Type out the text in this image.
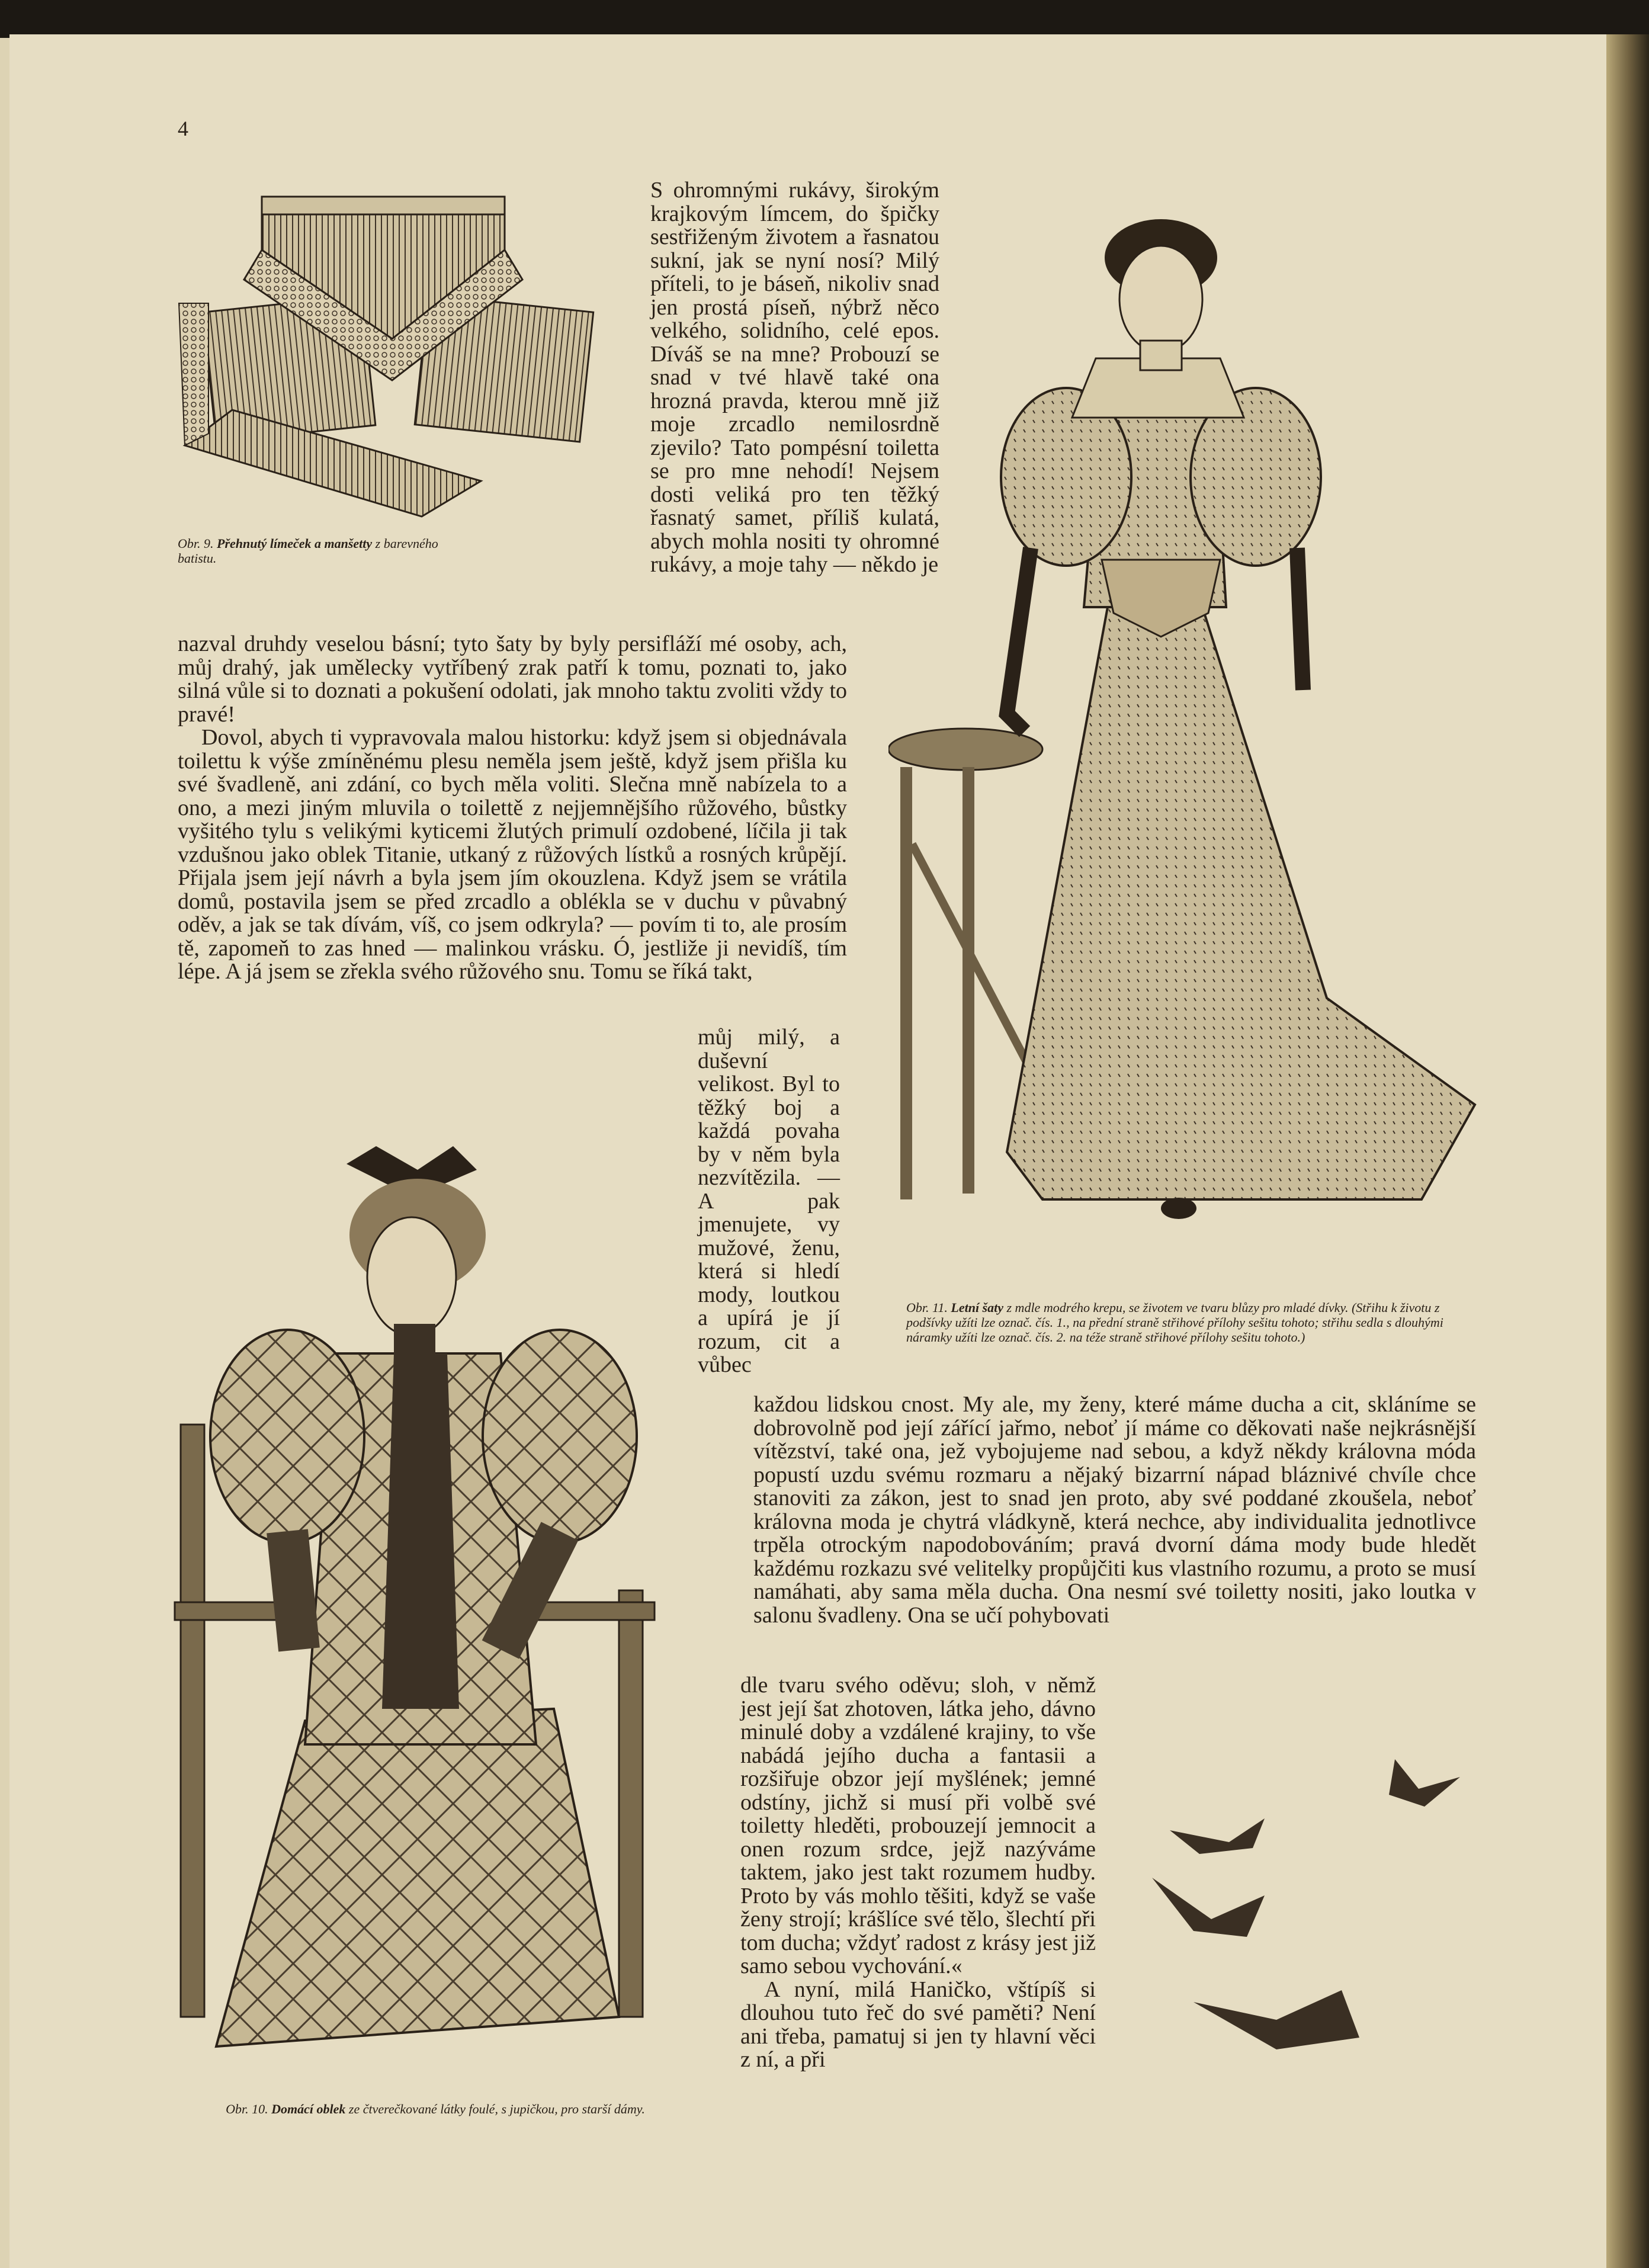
4
Obr. 9. Přehnutý límeček a manšetty z barevného batistu.
Obr. 11. Letní šaty z mdle modrého krepu, se životem ve tvaru blůzy pro mladé dívky. (Střihu k životu z podšívky užíti lze označ. čís. 1., na přední straně střihové přílohy sešitu tohoto; střihu sedla s dlouhými náramky užíti lze označ. čís. 2. na téže straně střihové přílohy sešitu tohoto.)
Obr. 10. Domácí oblek ze čtverečkované látky foulé, s jupičkou, pro starší dámy.
S ohromnými rukávy, širokým krajkovým límcem, do špičky sestřiženým životem a řasnatou sukní, jak se nyní nosí? Milý příteli, to je báseň, nikoliv snad jen prostá píseň, nýbrž něco velkého, solidního, celé epos. Díváš se na mne? Probouzí se snad v tvé hlavě také ona hrozná pravda, kterou mně již moje zrcadlo nemilosrdně zjevilo? Tato pompésní toiletta se pro mne nehodí! Nejsem dosti veliká pro ten těžký řasnatý samet, příliš kulatá, abych mohla nositi ty ohromné rukávy, a moje tahy — někdo je

nazval druhdy veselou básní; tyto šaty by byly persifláží mé osoby, ach, můj drahý, jak umělecky vytříbený zrak patří k tomu, poznati to, jako silná vůle si to doznati a pokušení odolati, jak mnoho taktu zvoliti vždy to pravé!

Dovol, abych ti vypravovala malou historku: když jsem si objednávala toilettu k výše zmíněnému plesu neměla jsem ještě, když jsem přišla ku své švadleně, ani zdání, co bych měla voliti. Slečna mně nabízela to a ono, a mezi jiným mluvila o toilettě z nejjemnějšího růžového, bůstky vyšitého tylu s velikými kyticemi žlutých primulí ozdobené, líčila ji tak vzdušnou jako oblek Titanie, utkaný z růžových lístků a rosných krůpějí. Přijala jsem její návrh a byla jsem jím okouzlena. Když jsem se vrátila domů, postavila jsem se před zrcadlo a oblékla se v duchu v půvabný oděv, a jak se tak dívám, víš, co jsem odkryla? — povím ti to, ale prosím tě, zapomeň to zas hned — malinkou vrásku. Ó, jestliže ji nevidíš, tím lépe. A já jsem se zřekla svého růžového snu. Tomu se říká takt,

můj milý, a duševní velikost. Byl to těžký boj a každá povaha by v něm byla nezvítězila. — A pak jmenujete, vy mužové, ženu, která si hledí mody, loutkou a upírá je jí rozum, cit a vůbec
každou lidskou cnost. My ale, my ženy, které máme ducha a cit, skláníme se dobrovolně pod její zářící jařmo, neboť jí máme co děkovati naše nejkrásnější vítězství, také ona, jež vybojujeme nad sebou, a když někdy královna móda popustí uzdu svému rozmaru a nějaký bizarrní nápad bláznivé chvíle chce stanoviti za zákon, jest to snad jen proto, aby své poddané zkoušela, neboť královna moda je chytrá vládkyně, která nechce, aby individualita jednotlivce trpěla otrockým napodobováním; pravá dvorní dáma mody bude hledět každému rozkazu své velitelky propůjčiti kus vlastního rozumu, a proto se musí namáhati, aby sama měla ducha. Ona nesmí své toiletty nositi, jako loutka v salonu švadleny. Ona se učí pohybovati

dle tvaru svého oděvu; sloh, v němž jest její šat zhotoven, látka jeho, dávno minulé doby a vzdálené krajiny, to vše nabádá jejího ducha a fantasii a rozšiřuje obzor její myšlének; jemné odstíny, jichž si musí při volbě své toiletty hleděti, probouzejí jemnocit a onen rozum srdce, jejž nazýváme taktem, jako jest takt rozumem hudby. Proto by vás mohlo těšiti, když se vaše ženy strojí; krášlíce své tělo, šlechtí při tom ducha; vždyť radost z krásy jest již samo sebou vychování.«

A nyní, milá Haničko, vštípíš si dlouhou tuto řeč do své paměti? Není ani třeba, pamatuj si jen ty hlavní věci z ní, a při
